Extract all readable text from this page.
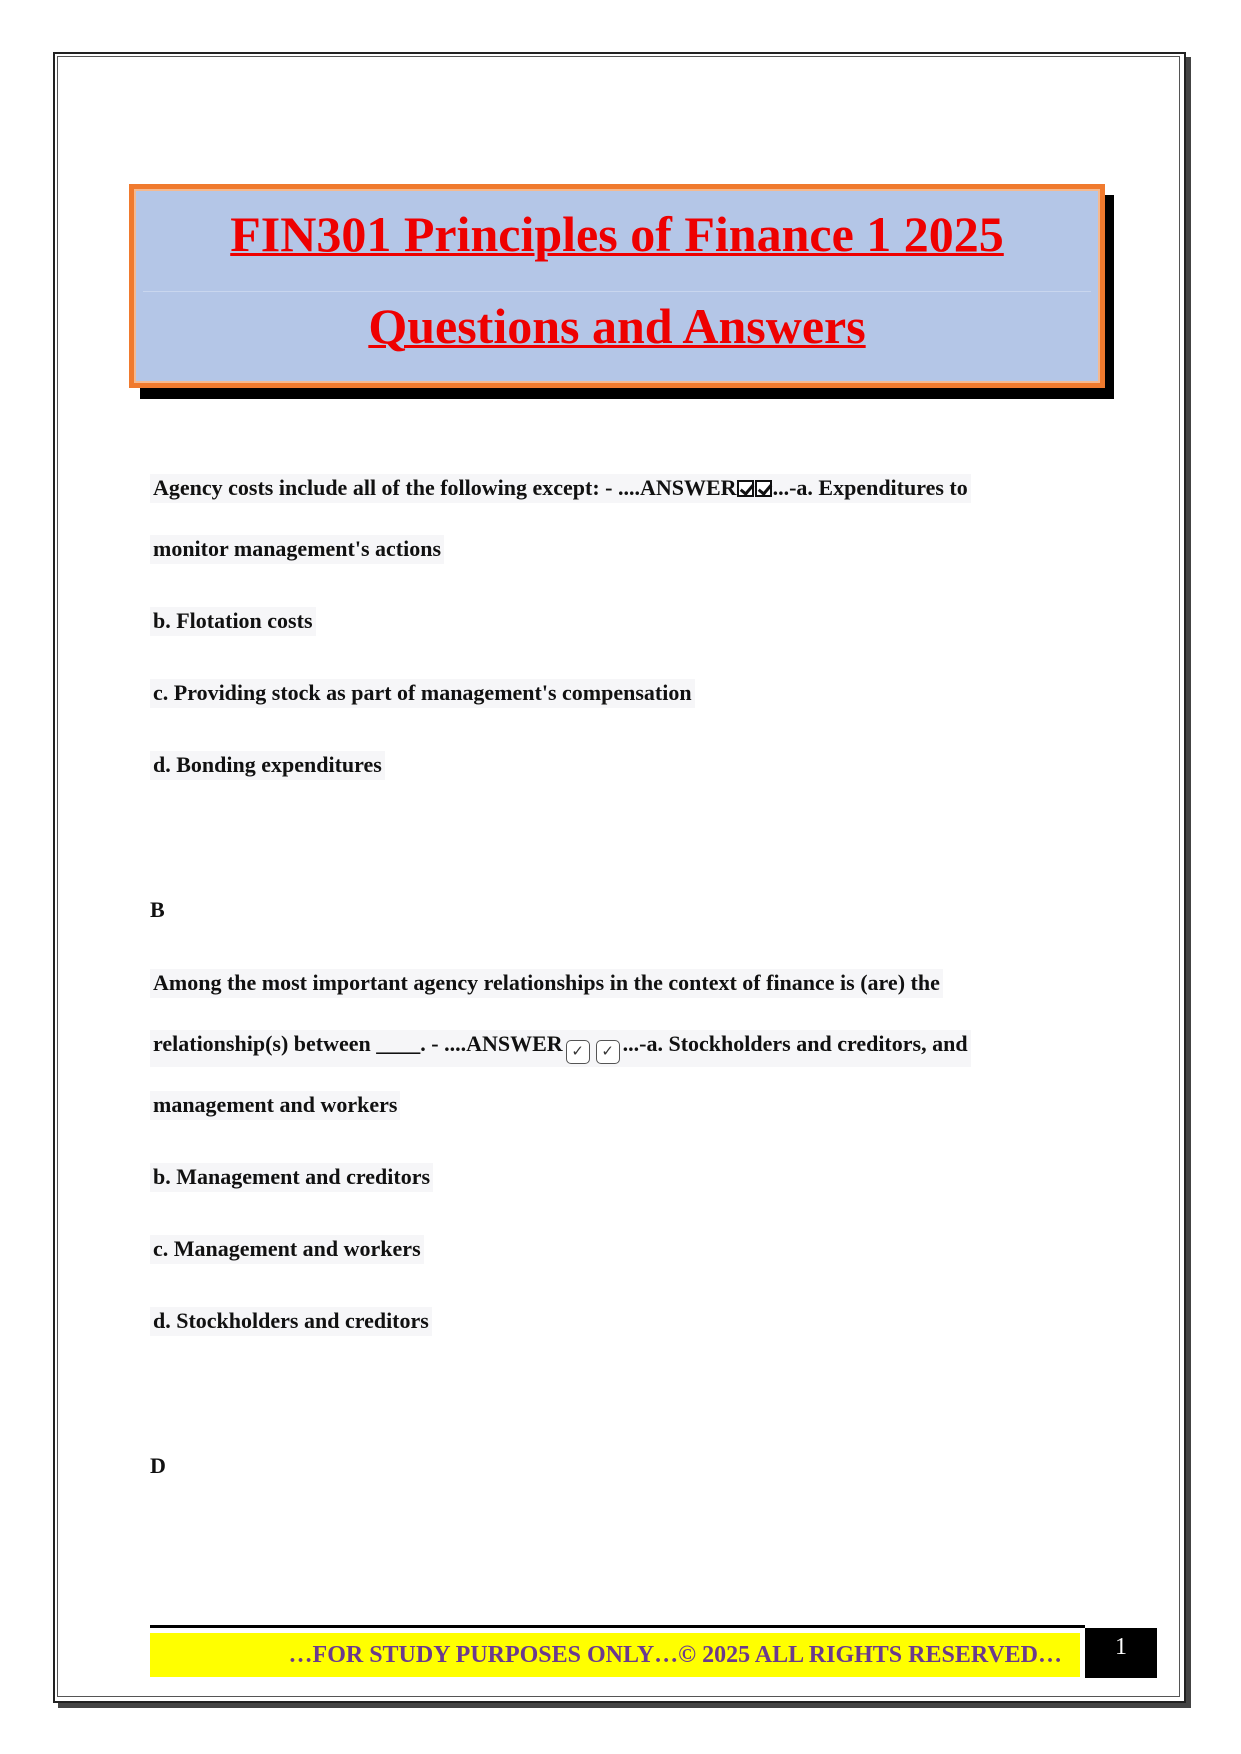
FIN301 Principles of Finance 1 2025
Questions and Answers
Agency costs include all of the following except: - ....ANSWER ...-a. Expenditures to
monitor management's actions
b. Flotation costs
c. Providing stock as part of management's compensation
d. Bonding expenditures
B
Among the most important agency relationships in the context of finance is (are) the
relationship(s) between ____. - ....ANSWER ✓ ✓ ...-a. Stockholders and creditors, and
management and workers
b. Management and creditors
c. Management and workers
d. Stockholders and creditors
D
…FOR STUDY PURPOSES ONLY…© 2025 ALL RIGHTS RESERVED…	1
